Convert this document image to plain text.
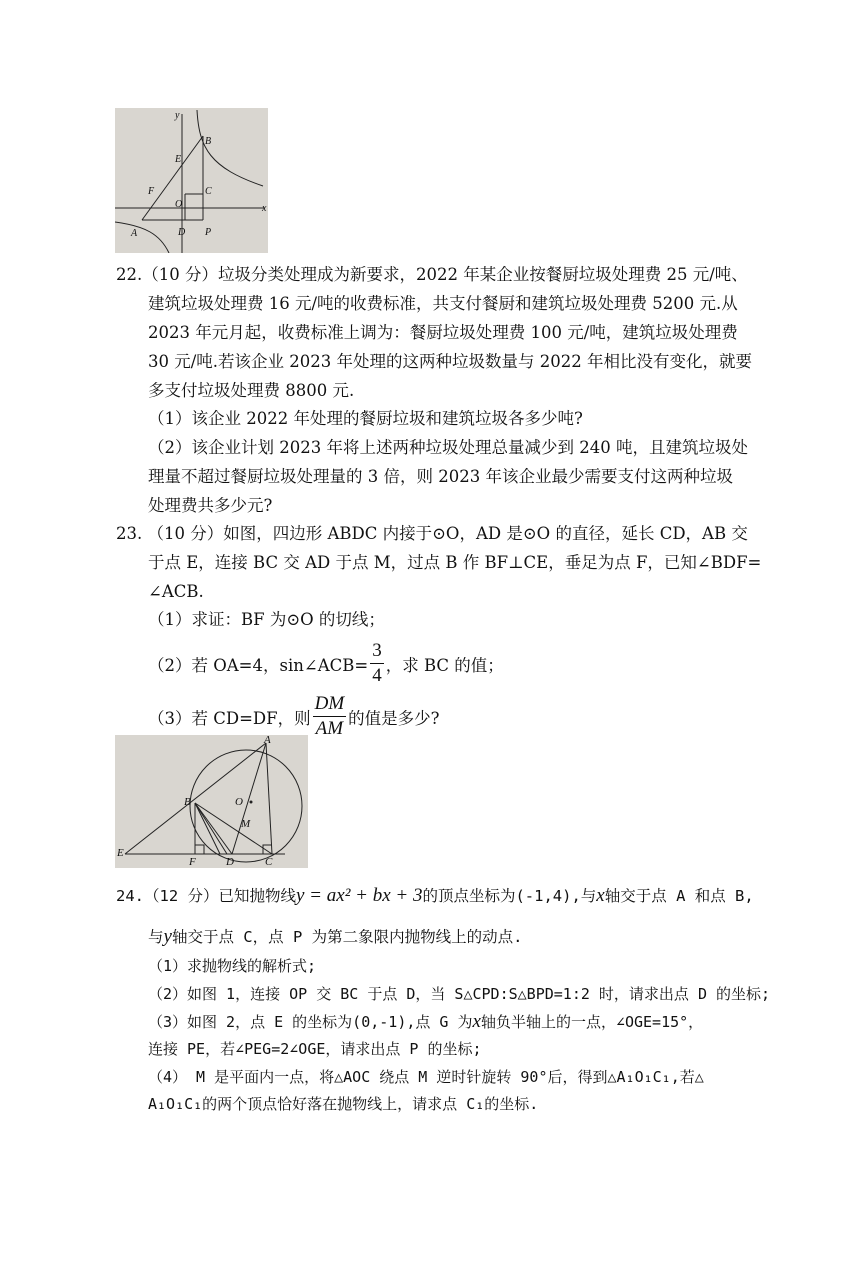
y
x
B
E
F	C
O
A	D P
22.（10 分）垃圾分类处理成为新要求，2022 年某企业按餐厨垃圾处理费 25 元/吨、
建筑垃圾处理费 16 元/吨的收费标准，共支付餐厨和建筑垃圾处理费 5200 元.从
2023 年元月起，收费标准上调为：餐厨垃圾处理费 100 元/吨，建筑垃圾处理费
30 元/吨.若该企业 2023 年处理的这两种垃圾数量与 2022 年相比没有变化，就要
多支付垃圾处理费 8800 元.
（1）该企业 2022 年处理的餐厨垃圾和建筑垃圾各多少吨?
（2）该企业计划 2023 年将上述两种垃圾处理总量减少到 240 吨，且建筑垃圾处
理量不超过餐厨垃圾处理量的 3 倍，则 2023 年该企业最少需要支付这两种垃圾
处理费共多少元?
23. （10 分）如图，四边形 ABDC 内接于⊙O，AD 是⊙O 的直径，延长 CD，AB 交
于点 E，连接 BC 交 AD 于点 M，过点 B 作 BF⊥CE，垂足为点 F，已知∠BDF=
∠ACB.
（1）求证：BF 为⊙O 的切线；
（2）若 OA=4，sin∠ACB= $\frac{3}{4}$ ，求 BC 的值；
（3）若 CD=DF，则 $\frac{DM}{AM}$ 的值是多少?
A
B	O
M
E
F	D	C
24.（12 分）已知抛物线y = ax² + bx + 3的顶点坐标为(-1,4),与x轴交于点 A 和点 B,
与y轴交于点 C，点 P 为第二象限内抛物线上的动点.
（1）求抛物线的解析式;
（2）如图 1，连接 OP 交 BC 于点 D，当 S△CPD:S△BPD=1:2 时，请求出点 D 的坐标;
（3）如图 2，点 E 的坐标为(0,-1),点 G 为x轴负半轴上的一点，∠OGE=15°，
连接 PE，若∠PEG=2∠OGE，请求出点 P 的坐标;
（4） M 是平面内一点，将△AOC 绕点 M 逆时针旋转 90°后，得到△A₁O₁C₁,若△
A₁O₁C₁的两个顶点恰好落在抛物线上，请求点 C₁的坐标.
